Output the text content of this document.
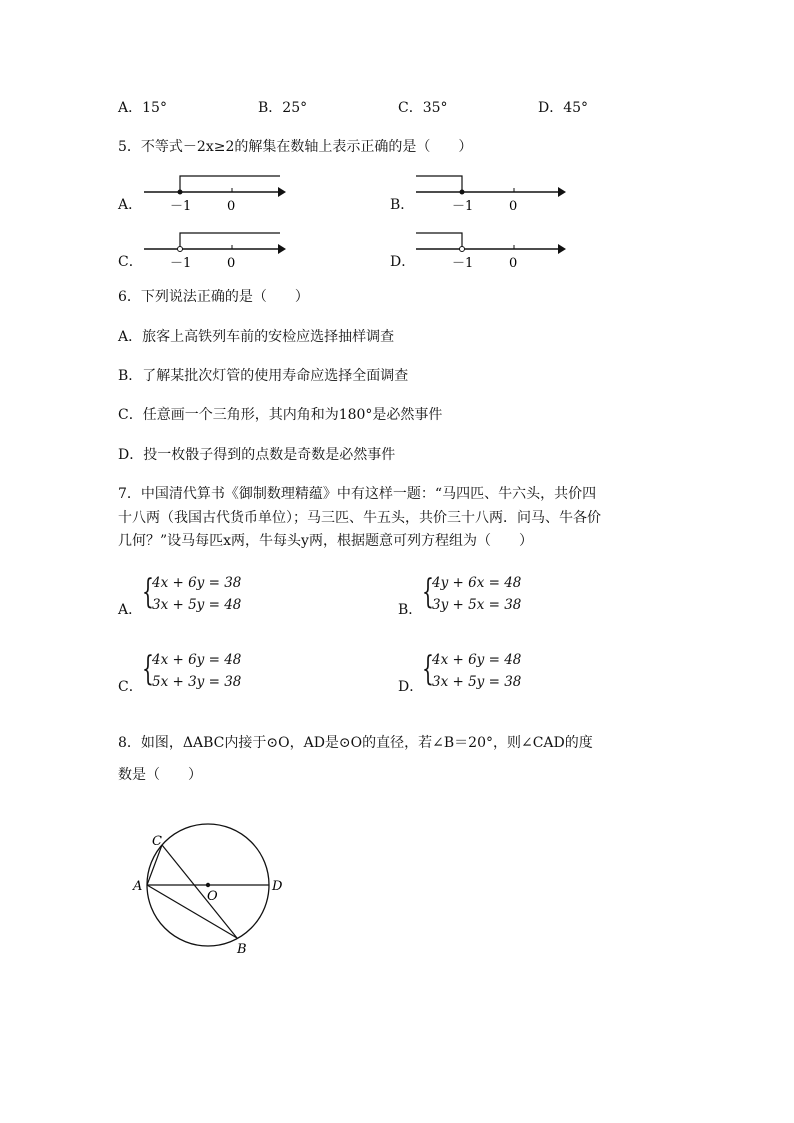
A．15°	B．25°	C．35°	D．45°
5．不等式－2x≥2的解集在数轴上表示正确的是（　　）
A． －1	0	B．	－1	0
C． －1	0	D．	－1	0
6．下列说法正确的是（　　）
A．旅客上高铁列车前的安检应选择抽样调查
B．了解某批次灯管的使用寿命应选择全面调查
C．任意画一个三角形，其内角和为180°是必然事件
D．投一枚骰子得到的点数是奇数是必然事件
7．中国清代算书《御制数理精蕴》中有这样一题：“马四匹、牛六头，共价四
十八两（我国古代货币单位）；马三匹、牛五头，共价三十八两．问马、牛各价
几何？”设马每匹x两，牛每头y两，根据题意可列方程组为（　　）
A． {
4x + 6y = 38
3x + 5y = 48	B． {
4y + 6x = 48
3y + 5x = 38
C． {
4x + 6y = 48
5x + 3y = 38	D．
{
4x + 6y = 48
3x + 5y = 38
8．如图，ΔABC内接于⊙O，AD是⊙O的直径，若∠B＝20°，则∠CAD的度
数是（　　）
C
A	D
O
B
